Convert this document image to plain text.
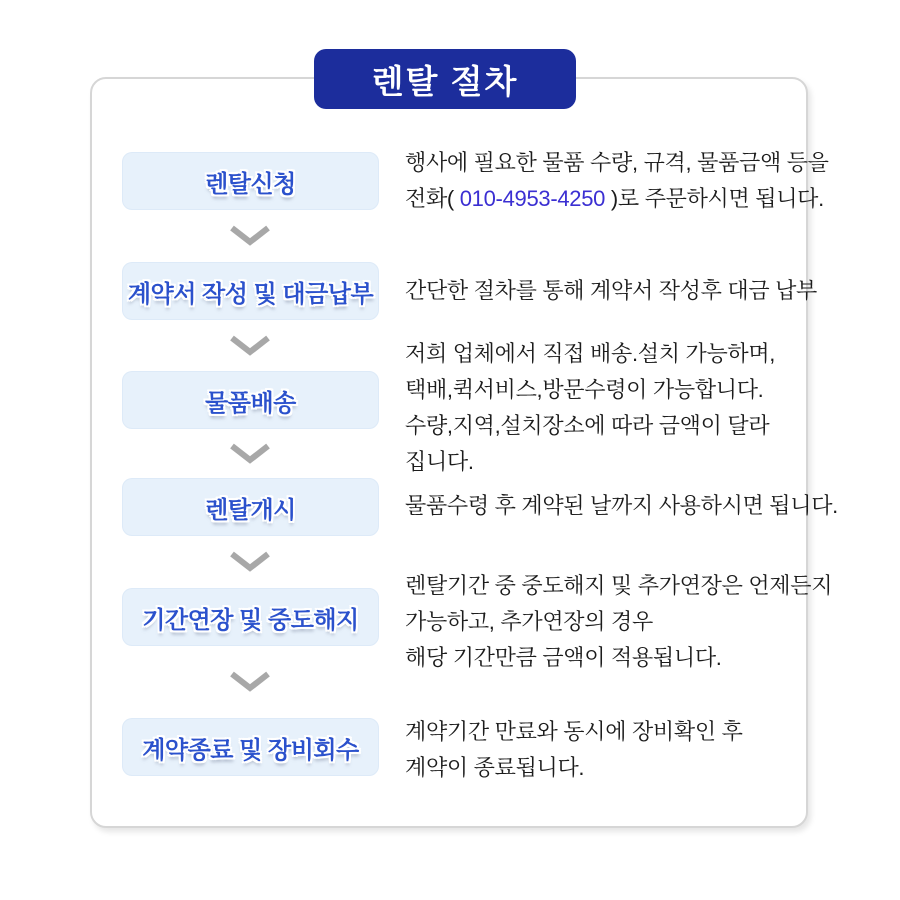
렌탈 절차
렌탈신청
행사에 필요한 물품 수량, 규격, 물품금액 등을
전화( 010-4953-4250 )로 주문하시면 됩니다.
계약서 작성 및 대금납부 간단한 절차를 통해 계약서 작성후 대금 납부
물품배송
저희 업체에서 직접 배송.설치 가능하며,
택배,퀵서비스,방문수령이 가능합니다.
수량,지역,설치장소에 따라 금액이 달라
집니다.
렌탈개시	물품수령 후 계약된 날까지 사용하시면 됩니다.
기간연장 및 중도해지
렌탈기간 중 중도해지 및 추가연장은 언제든지
가능하고, 추가연장의 경우
해당 기간만큼 금액이 적용됩니다.
계약종료 및 장비회수
계약기간 만료와 동시에 장비확인 후
계약이 종료됩니다.
